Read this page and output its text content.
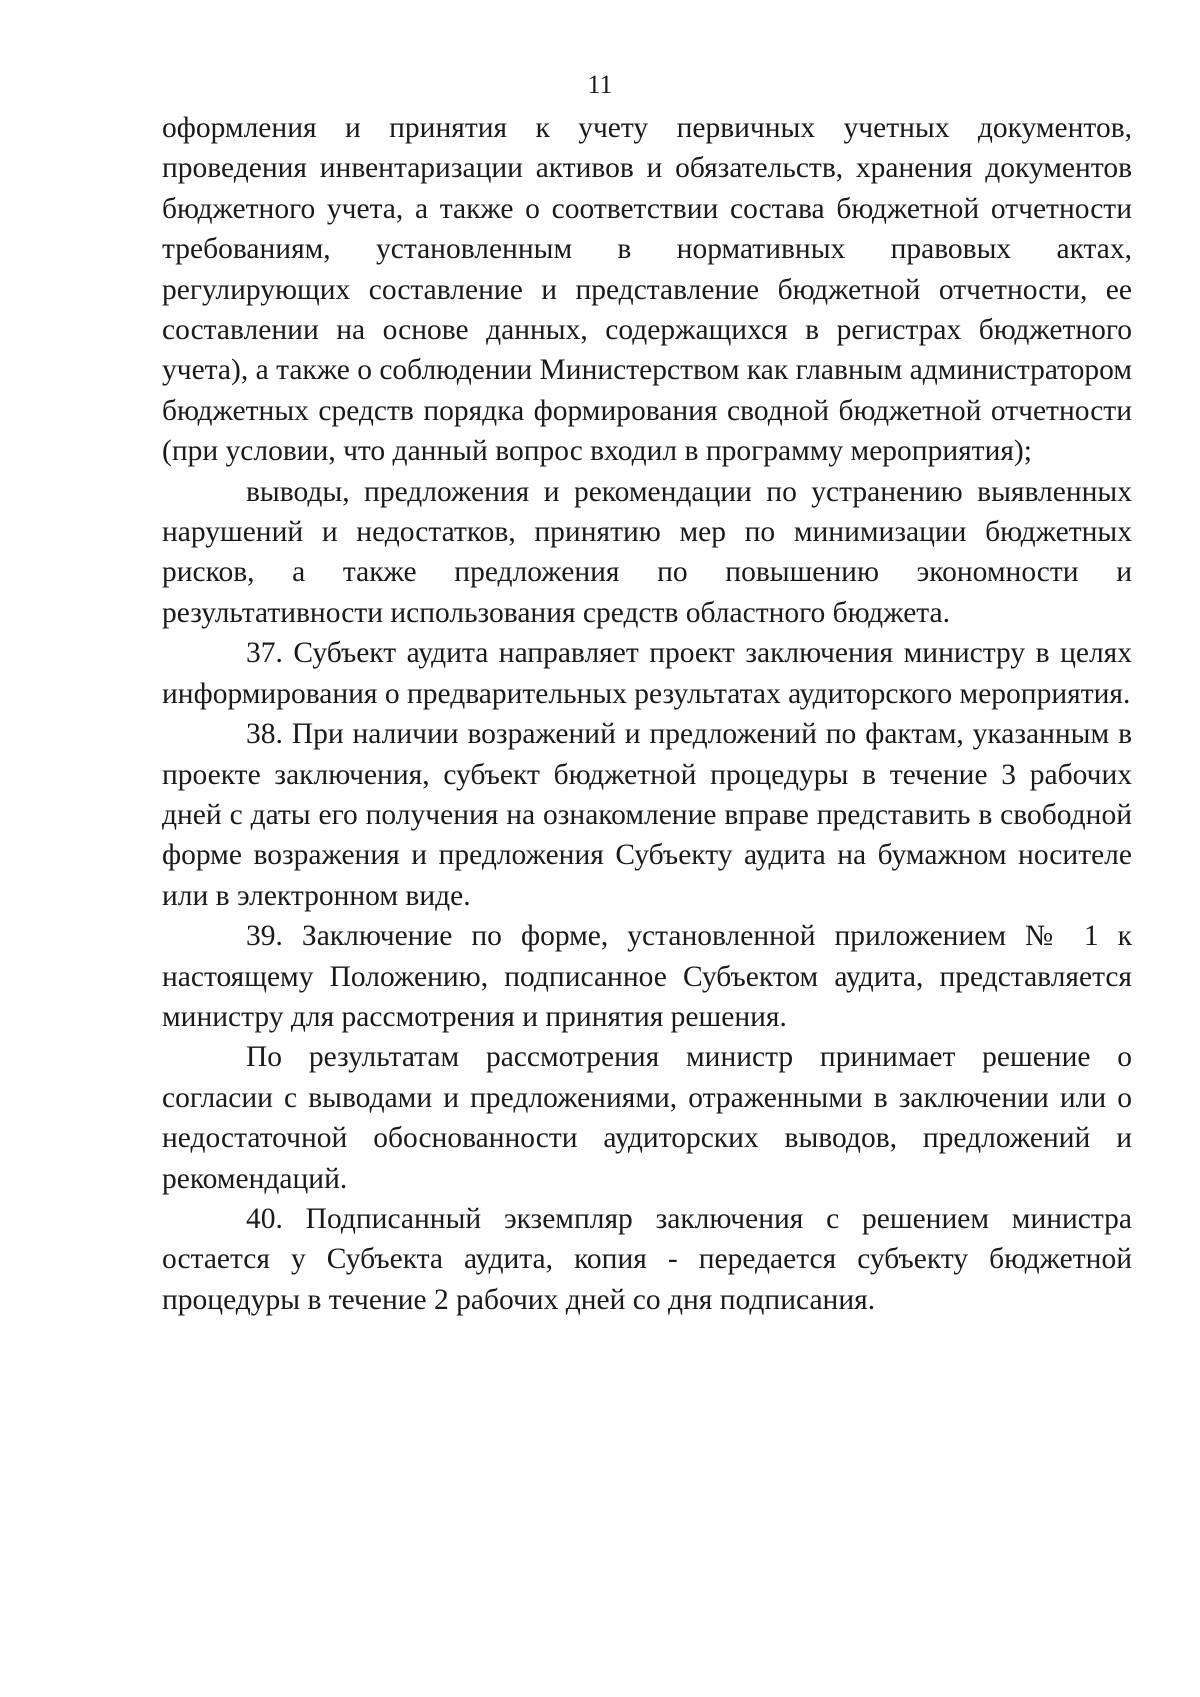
11

оформления и принятия к учету первичных учетных документов, проведения инвентаризации активов и обязательств, хранения документов бюджетного учета, а также о соответствии состава бюджетной отчетности требованиям, установленным в нормативных правовых актах, регулирующих составление и представление бюджетной отчетности, ее составлении на основе данных, содержащихся в регистрах бюджетного учета), а также о соблюдении Министерством как главным администратором бюджетных средств порядка формирования сводной бюджетной отчетности (при условии, что данный вопрос входил в программу мероприятия);

выводы, предложения и рекомендации по устранению выявленных нарушений и недостатков, принятию мер по минимизации бюджетных рисков, а также предложения по повышению экономности и результативности использования средств областного бюджета.

37. Субъект аудита направляет проект заключения министру в целях информирования о предварительных результатах аудиторского мероприятия.

38. При наличии возражений и предложений по фактам, указанным в проекте заключения, субъект бюджетной процедуры в течение 3 рабочих дней с даты его получения на ознакомление вправе представить в свободной форме возражения и предложения Субъекту аудита на бумажном носителе или в электронном виде.

39. Заключение по форме, установленной приложением № 1 к настоящему Положению, подписанное Субъектом аудита, представляется министру для рассмотрения и принятия решения.

По результатам рассмотрения министр принимает решение о согласии с выводами и предложениями, отраженными в заключении или о недостаточной обоснованности аудиторских выводов, предложений и рекомендаций.

40. Подписанный экземпляр заключения с решением министра остается у Субъекта аудита, копия - передается субъекту бюджетной процедуры в течение 2 рабочих дней со дня подписания.
